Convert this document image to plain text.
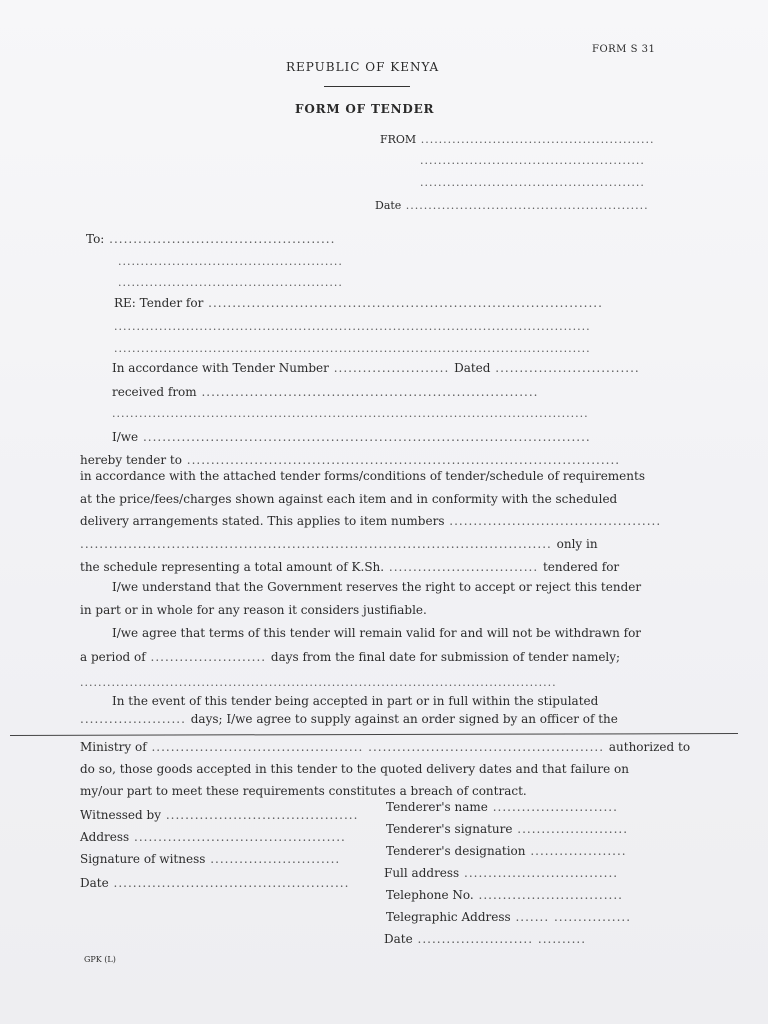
FORM S 31
REPUBLIC OF KENYA
FORM OF TENDER
FROM ....................................................
..................................................
..................................................
Date ......................................................
To: ...............................................
..................................................
..................................................
RE: Tender for ..................................................................................
..........................................................................................................
..........................................................................................................
In accordance with Tender Number ........................ Dated ..............................
received from ......................................................................
..........................................................................................................
I/we .............................................................................................
hereby tender to ..........................................................................................
in accordance with the attached tender forms/conditions of tender/schedule of requirements
at the price/fees/charges shown against each item and in conformity with the scheduled
delivery arrangements stated. This applies to item numbers ............................................
.................................................................................................. only in
the schedule representing a total amount of K.Sh. ............................... tendered for
I/we understand that the Government reserves the right to accept or reject this tender
in part or in whole for any reason it considers justifiable.
I/we agree that terms of this tender will remain valid for and will not be withdrawn for
a period of ........................ days from the final date for submission of tender namely;
..........................................................................................................
In the event of this tender being accepted in part or in full within the stipulated
...................... days; I/we agree to supply against an order signed by an officer of the
Ministry of ............................................ ................................................. authorized to
do so, those goods accepted in this tender to the quoted delivery dates and that failure on
my/our part to meet these requirements constitutes a breach of contract.
Witnessed by ........................................
Address ............................................
Signature of witness ...........................
Date .................................................
Tenderer's name ..........................
Tenderer's signature .......................
Tenderer's designation ....................
Full address ................................
Telephone No. ..............................
Telegraphic Address ....... ................
Date ........................ ..........
GPK (L)
